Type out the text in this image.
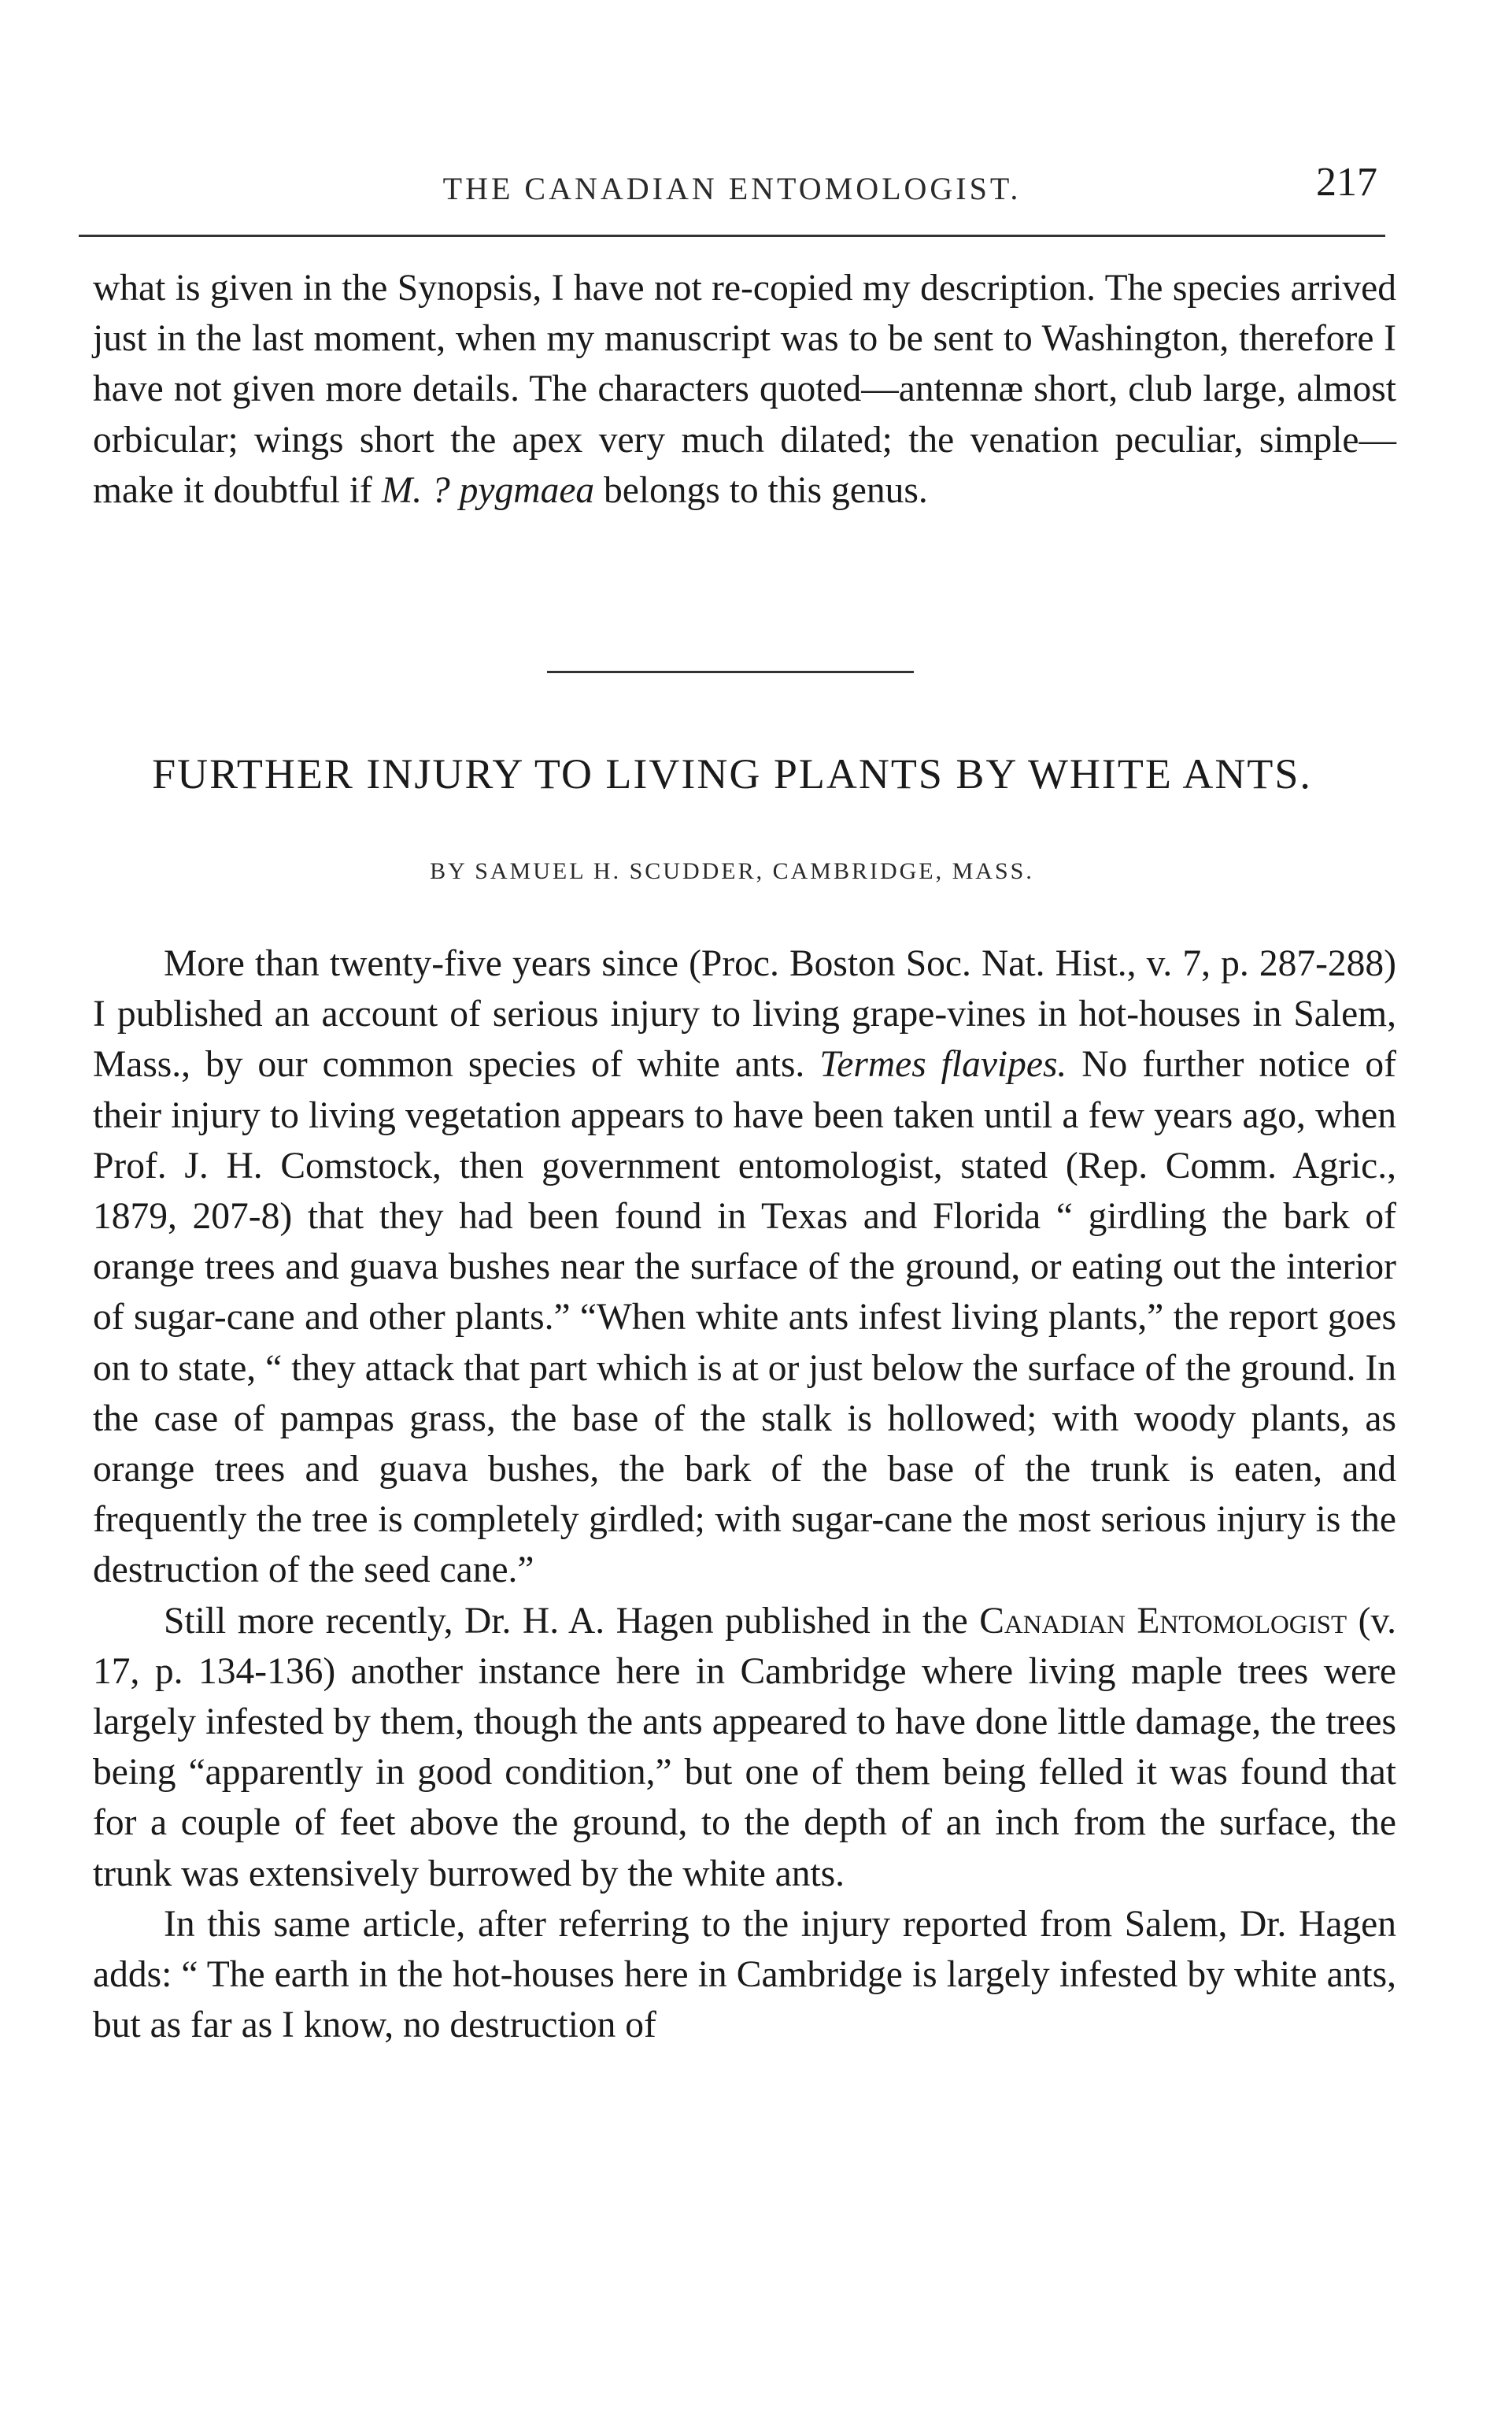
THE CANADIAN ENTOMOLOGIST.	217

what is given in the Synopsis, I have not re-copied my description. The species arrived just in the last moment, when my manuscript was to be sent to Washington, therefore I have not given more details. The characters quoted—antennæ short, club large, almost orbicular; wings short the apex very much dilated; the venation peculiar, simple—make it doubtful if M. ? pygmaea belongs to this genus.

FURTHER INJURY TO LIVING PLANTS BY WHITE ANTS.
BY SAMUEL H. SCUDDER, CAMBRIDGE, MASS.

More than twenty-five years since (Proc. Boston Soc. Nat. Hist., v. 7, p. 287-288) I published an account of serious injury to living grape-vines in hot-houses in Salem, Mass., by our common species of white ants. Termes flavipes. No further notice of their injury to living vegetation appears to have been taken until a few years ago, when Prof. J. H. Comstock, then government entomologist, stated (Rep. Comm. Agric., 1879, 207-8) that they had been found in Texas and Florida “ girdling the bark of orange trees and guava bushes near the surface of the ground, or eating out the interior of sugar-cane and other plants.” “When white ants infest living plants,” the report goes on to state, “ they attack that part which is at or just below the surface of the ground. In the case of pampas grass, the base of the stalk is hollowed; with woody plants, as orange trees and guava bushes, the bark of the base of the trunk is eaten, and frequently the tree is completely girdled; with sugar-cane the most serious injury is the destruction of the seed cane.”

Still more recently, Dr. H. A. Hagen published in the Canadian Entomologist (v. 17, p. 134-136) another instance here in Cambridge where living maple trees were largely infested by them, though the ants appeared to have done little damage, the trees being “apparently in good condition,” but one of them being felled it was found that for a couple of feet above the ground, to the depth of an inch from the surface, the trunk was extensively burrowed by the white ants.

In this same article, after referring to the injury reported from Salem, Dr. Hagen adds: “ The earth in the hot-houses here in Cambridge is largely infested by white ants, but as far as I know, no destruction of
